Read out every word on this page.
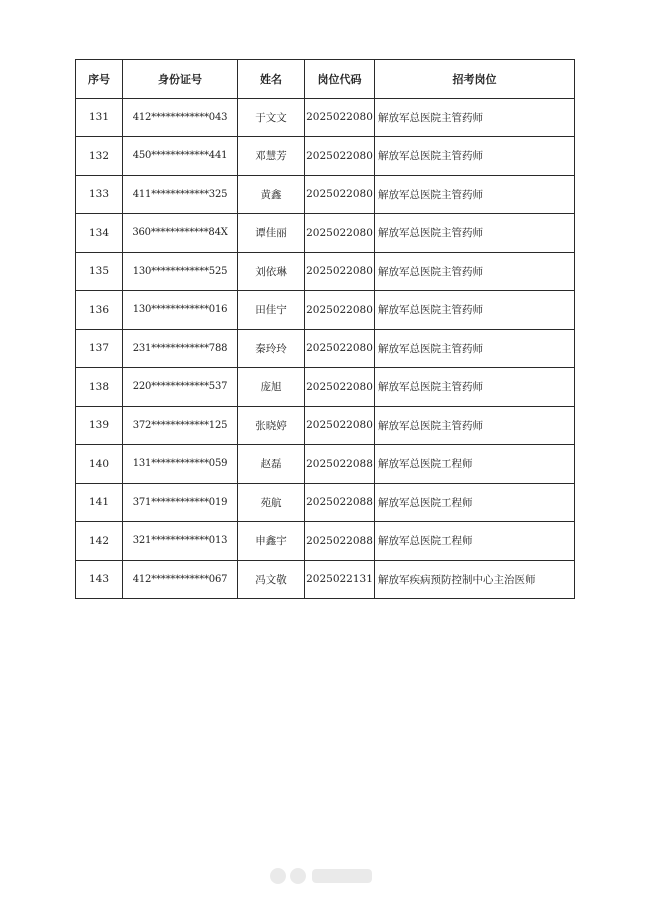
序号	身份证号	姓名	岗位代码	招考岗位
131	412************043	于文文	2025022080	解放军总医院主管药师
132	450************441	邓慧芳	2025022080	解放军总医院主管药师
133	411************325	黄鑫	2025022080	解放军总医院主管药师
134	360************84X	谭佳丽	2025022080	解放军总医院主管药师
135	130************525	刘依琳	2025022080	解放军总医院主管药师
136	130************016	田佳宁	2025022080	解放军总医院主管药师
137	231************788	秦玲玲	2025022080	解放军总医院主管药师
138	220************537	庞旭	2025022080	解放军总医院主管药师
139	372************125	张晓婷	2025022080	解放军总医院主管药师
140	131************059	赵磊	2025022088	解放军总医院工程师
141	371************019	苑航	2025022088	解放军总医院工程师
142	321************013	申鑫宇	2025022088	解放军总医院工程师
143	412************067	冯文敬	2025022131	解放军疾病预防控制中心主治医师
